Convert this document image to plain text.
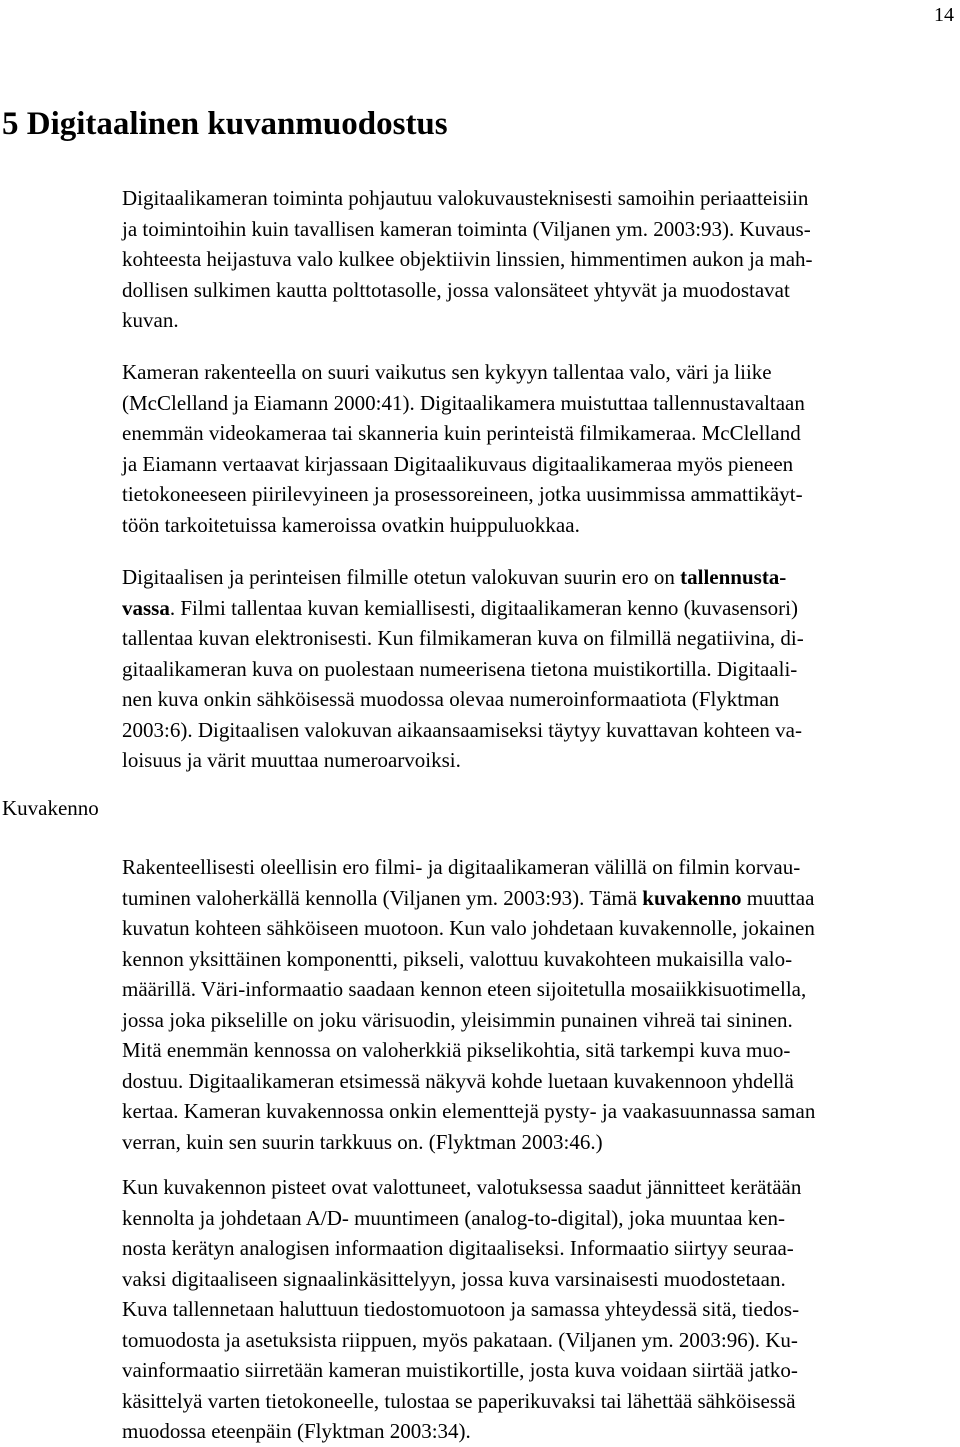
14
5 Digitaalinen kuvanmuodostus
Kuvakenno

Digitaalikameran toiminta pohjautuu valokuvausteknisesti samoihin periaatteisiin
ja toimintoihin kuin tavallisen kameran toiminta (Viljanen ym. 2003:93). Kuvaus-
kohteesta heijastuva valo kulkee objektiivin linssien, himmentimen aukon ja mah-
dollisen sulkimen kautta polttotasolle, jossa valonsäteet yhtyvät ja muodostavat
kuvan.

Kameran rakenteella on suuri vaikutus sen kykyyn tallentaa valo, väri ja liike
(McClelland ja Eiamann 2000:41). Digitaalikamera muistuttaa tallennustavaltaan
enemmän videokameraa tai skanneria kuin perinteistä filmikameraa. McClelland
ja Eiamann vertaavat kirjassaan Digitaalikuvaus digitaalikameraa myös pieneen
tietokoneeseen piirilevyineen ja prosessoreineen, jotka uusimmissa ammattikäyt-
töön tarkoitetuissa kameroissa ovatkin huippuluokkaa.

Digitaalisen ja perinteisen filmille otetun valokuvan suurin ero on tallennusta-
vassa. Filmi tallentaa kuvan kemiallisesti, digitaalikameran kenno (kuvasensori)
tallentaa kuvan elektronisesti. Kun filmikameran kuva on filmillä negatiivina, di-
gitaalikameran kuva on puolestaan numeerisena tietona muistikortilla. Digitaali-
nen kuva onkin sähköisessä muodossa olevaa numeroinformaatiota (Flyktman
2003:6). Digitaalisen valokuvan aikaansaamiseksi täytyy kuvattavan kohteen va-
loisuus ja värit muuttaa numeroarvoiksi.

Rakenteellisesti oleellisin ero filmi- ja digitaalikameran välillä on filmin korvau-
tuminen valoherkällä kennolla (Viljanen ym. 2003:93). Tämä kuvakenno muuttaa
kuvatun kohteen sähköiseen muotoon. Kun valo johdetaan kuvakennolle, jokainen
kennon yksittäinen komponentti, pikseli, valottuu kuvakohteen mukaisilla valo-
määrillä. Väri-informaatio saadaan kennon eteen sijoitetulla mosaiikkisuotimella,
jossa joka pikselille on joku värisuodin, yleisimmin punainen vihreä tai sininen.
Mitä enemmän kennossa on valoherkkiä pikselikohtia, sitä tarkempi kuva muo-
dostuu. Digitaalikameran etsimessä näkyvä kohde luetaan kuvakennoon yhdellä
kertaa. Kameran kuvakennossa onkin elementtejä pysty- ja vaakasuunnassa saman
verran, kuin sen suurin tarkkuus on. (Flyktman 2003:46.)

Kun kuvakennon pisteet ovat valottuneet, valotuksessa saadut jännitteet kerätään
kennolta ja johdetaan A/D- muuntimeen (analog-to-digital), joka muuntaa ken-
nosta kerätyn analogisen informaation digitaaliseksi. Informaatio siirtyy seuraa-
vaksi digitaaliseen signaalinkäsittelyyn, jossa kuva varsinaisesti muodostetaan.
Kuva tallennetaan haluttuun tiedostomuotoon ja samassa yhteydessä sitä, tiedos-
tomuodosta ja asetuksista riippuen, myös pakataan. (Viljanen ym. 2003:96). Ku-
vainformaatio siirretään kameran muistikortille, josta kuva voidaan siirtää jatko-
käsittelyä varten tietokoneelle, tulostaa se paperikuvaksi tai lähettää sähköisessä
muodossa eteenpäin (Flyktman 2003:34).
